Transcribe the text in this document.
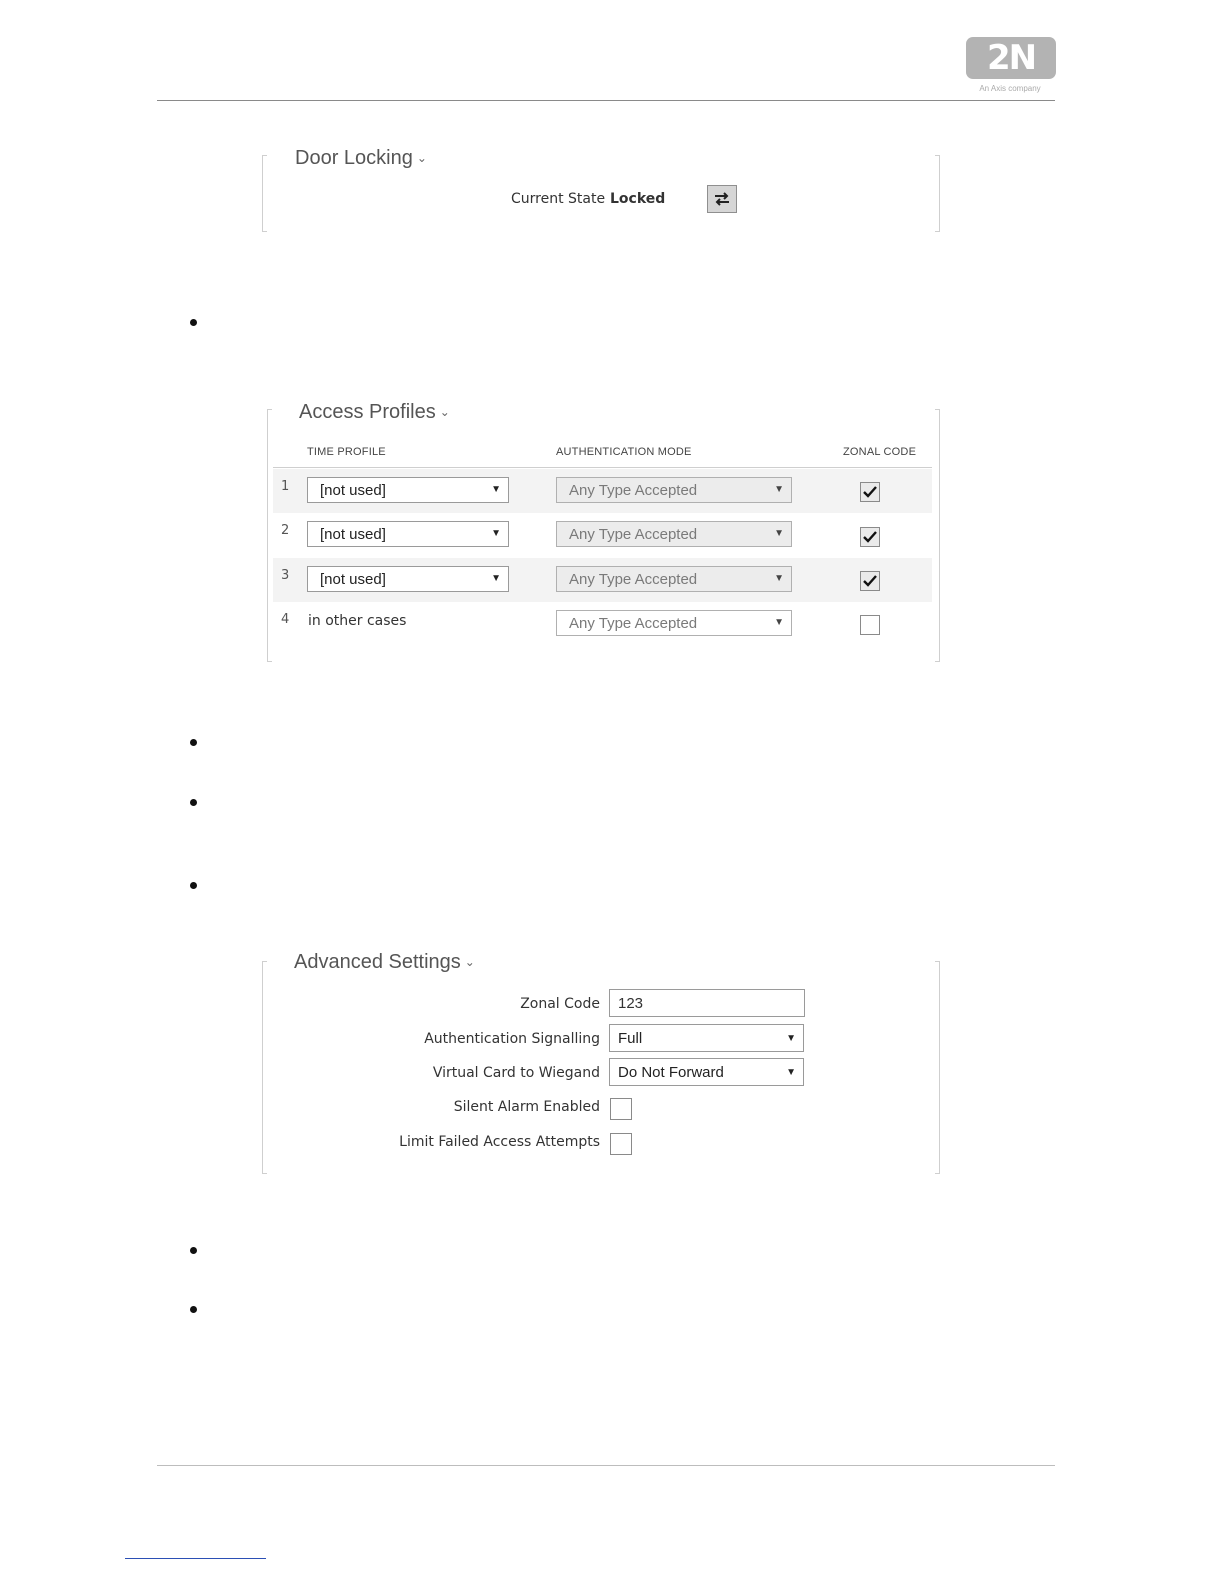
2N
An Axis company
Door Locking ⌄
Current State Locked
Access Profiles ⌄
TIME PROFILE	AUTHENTICATION MODE	ZONAL CODE
1 [not used]	▼	Any Type Accepted	▼
2 [not used]	▼	Any Type Accepted	▼
3 [not used]	▼	Any Type Accepted	▼
4 in other cases	Any Type Accepted	▼
Advanced Settings ⌄
Zonal Code 123
Authentication Signalling Full	▼
Virtual Card to Wiegand Do Not Forward	▼
Silent Alarm Enabled
Limit Failed Access Attempts
